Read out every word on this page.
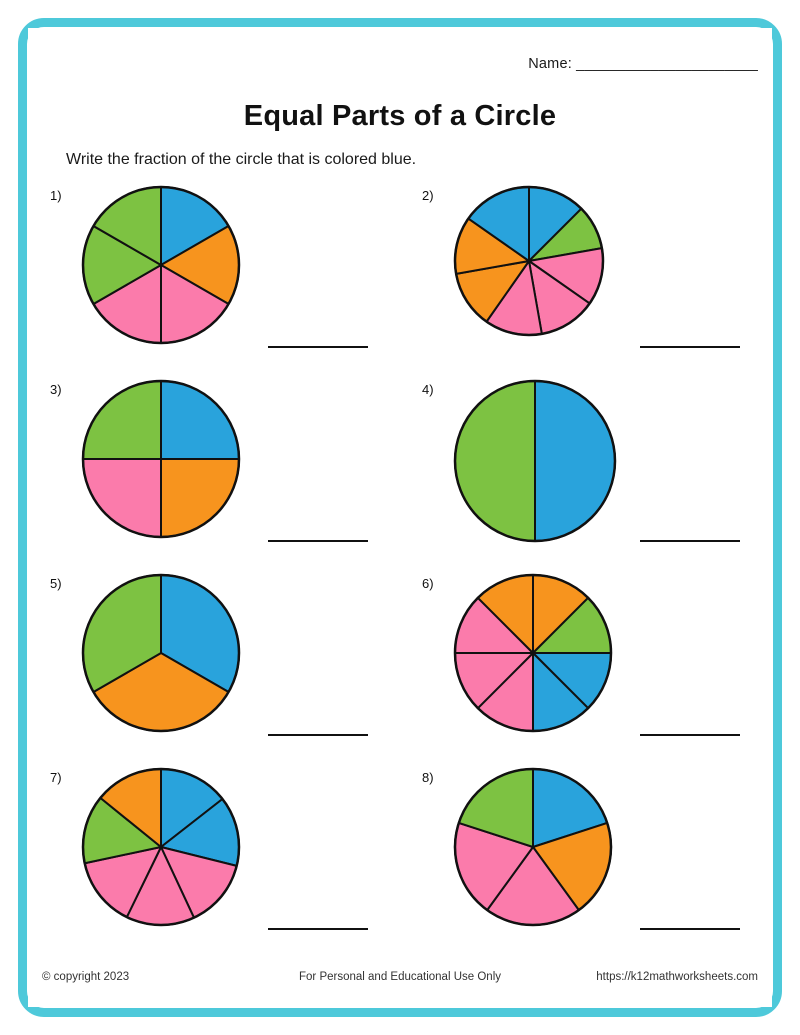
Name: ______________________
Equal Parts of a Circle
Write the fraction of the circle that is colored blue.
1)	2)
3)	4)
5)	6)
7)	8)
© copyright 2023	For Personal and Educational Use Only	https://k12mathworksheets.com
